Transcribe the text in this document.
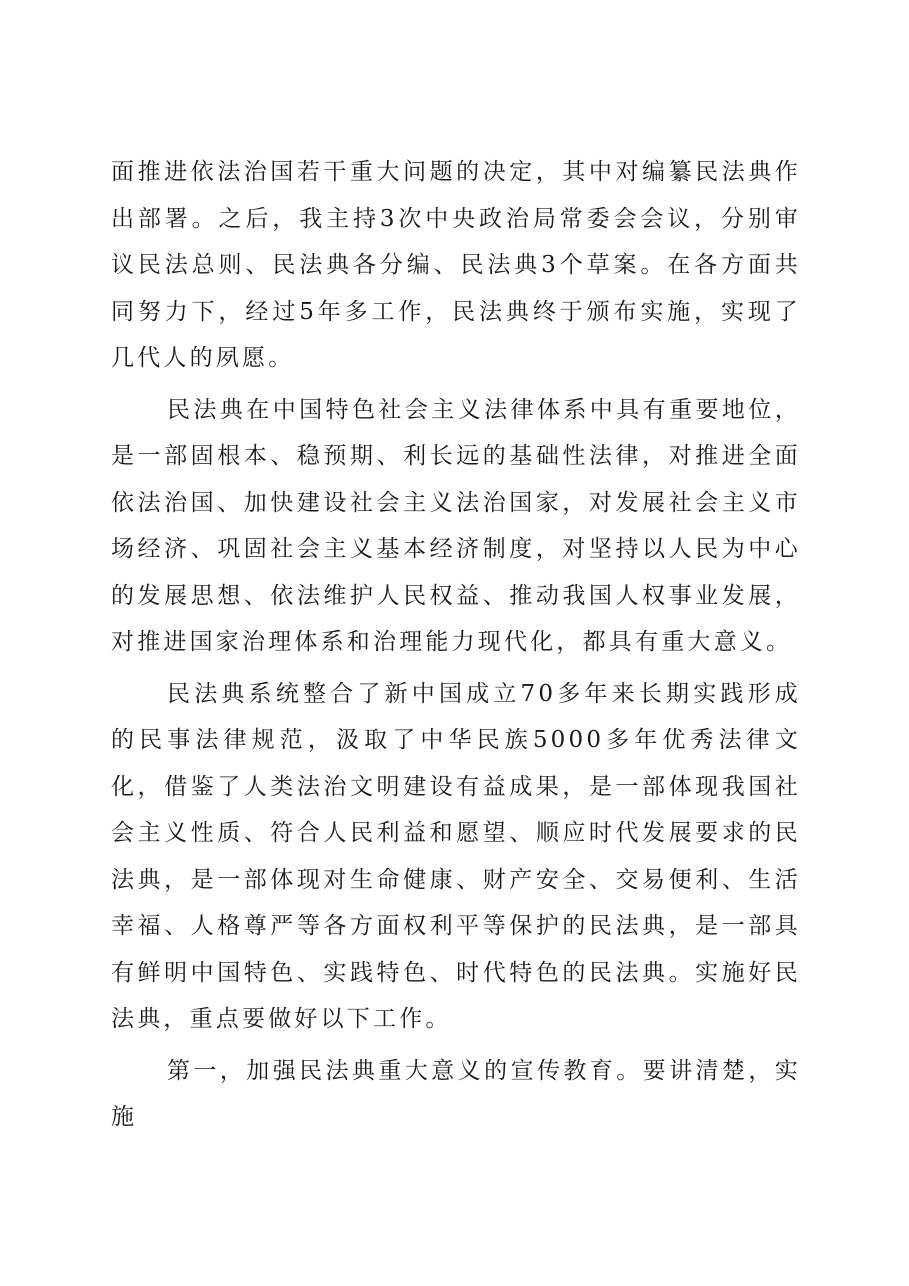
面推进依法治国若干重大问题的决定，其中对编纂民法典作出部署。之后，我主持3次中央政治局常委会会议，分别审议民法总则、民法典各分编、民法典3个草案。在各方面共同努力下，经过5年多工作，民法典终于颁布实施，实现了几代人的夙愿。

民法典在中国特色社会主义法律体系中具有重要地位，是一部固根本、稳预期、利长远的基础性法律，对推进全面依法治国、加快建设社会主义法治国家，对发展社会主义市场经济、巩固社会主义基本经济制度，对坚持以人民为中心的发展思想、依法维护人民权益、推动我国人权事业发展，对推进国家治理体系和治理能力现代化，都具有重大意义。

民法典系统整合了新中国成立70多年来长期实践形成的民事法律规范，汲取了中华民族5000多年优秀法律文化，借鉴了人类法治文明建设有益成果，是一部体现我国社会主义性质、符合人民利益和愿望、顺应时代发展要求的民法典，是一部体现对生命健康、财产安全、交易便利、生活幸福、人格尊严等各方面权利平等保护的民法典，是一部具有鲜明中国特色、实践特色、时代特色的民法典。实施好民法典，重点要做好以下工作。

第一，加强民法典重大意义的宣传教育。要讲清楚，实施
